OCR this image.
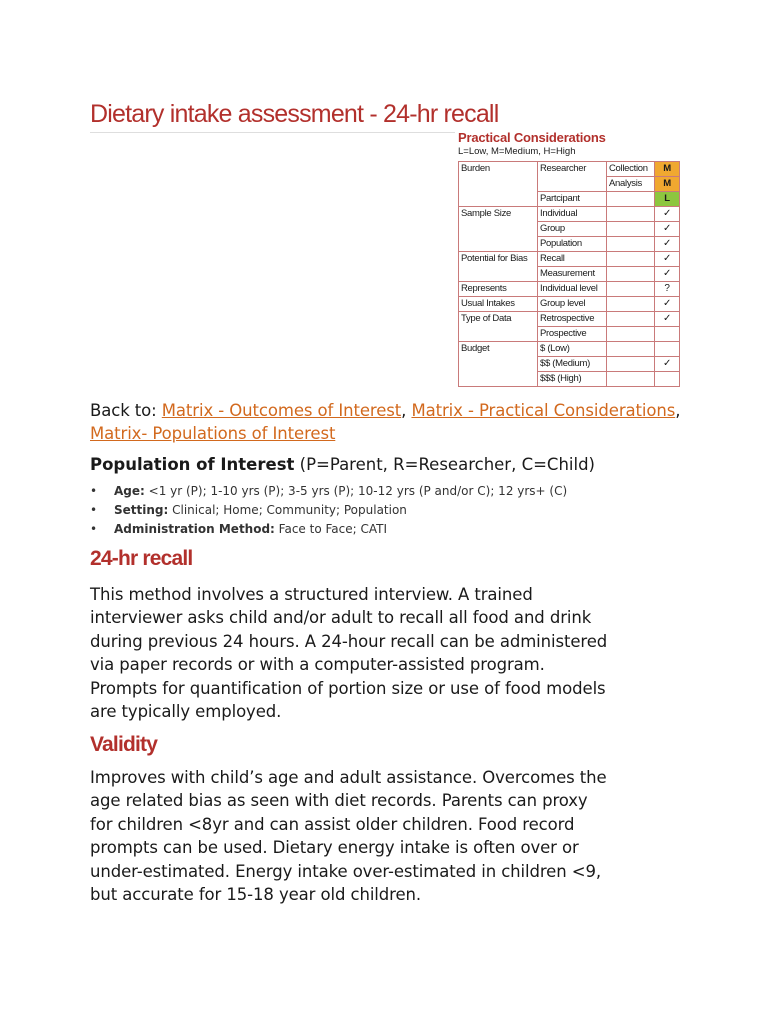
Dietary intake assessment - 24-hr recall
Practical Considerations
L=Low, M=Medium, H=High
Burden	Researcher	Collection	M
		Analysis	M
	Partcipant		L
Sample Size	Individual		✓
	Group		✓
	Population		✓
Potential for Bias	Recall		✓
	Measurement		✓
Represents	Individual level		?
Usual Intakes	Group level		✓
Type of Data	Retrospective		✓
	Prospective		
Budget	$ (Low)		
	$$ (Medium)		✓
	$$$ (High)		
Back to: Matrix - Outcomes of Interest, Matrix - Practical Considerations, Matrix- Populations of Interest
Population of Interest (P=Parent, R=Researcher, C=Child)
• Age: <1 yr (P); 1-10 yrs (P); 3-5 yrs (P); 10-12 yrs (P and/or C); 12 yrs+ (C)
• Setting: Clinical; Home; Community; Population
• Administration Method: Face to Face; CATI
24-hr recall
This method involves a structured interview. A trained
interviewer asks child and/or adult to recall all food and drink
during previous 24 hours. A 24-hour recall can be administered
via paper records or with a computer-assisted program.
Prompts for quantification of portion size or use of food models
are typically employed.
Validity
Improves with child’s age and adult assistance. Overcomes the
age related bias as seen with diet records. Parents can proxy
for children <8yr and can assist older children. Food record
prompts can be used. Dietary energy intake is often over or
under-estimated. Energy intake over-estimated in children <9,
but accurate for 15-18 year old children.
